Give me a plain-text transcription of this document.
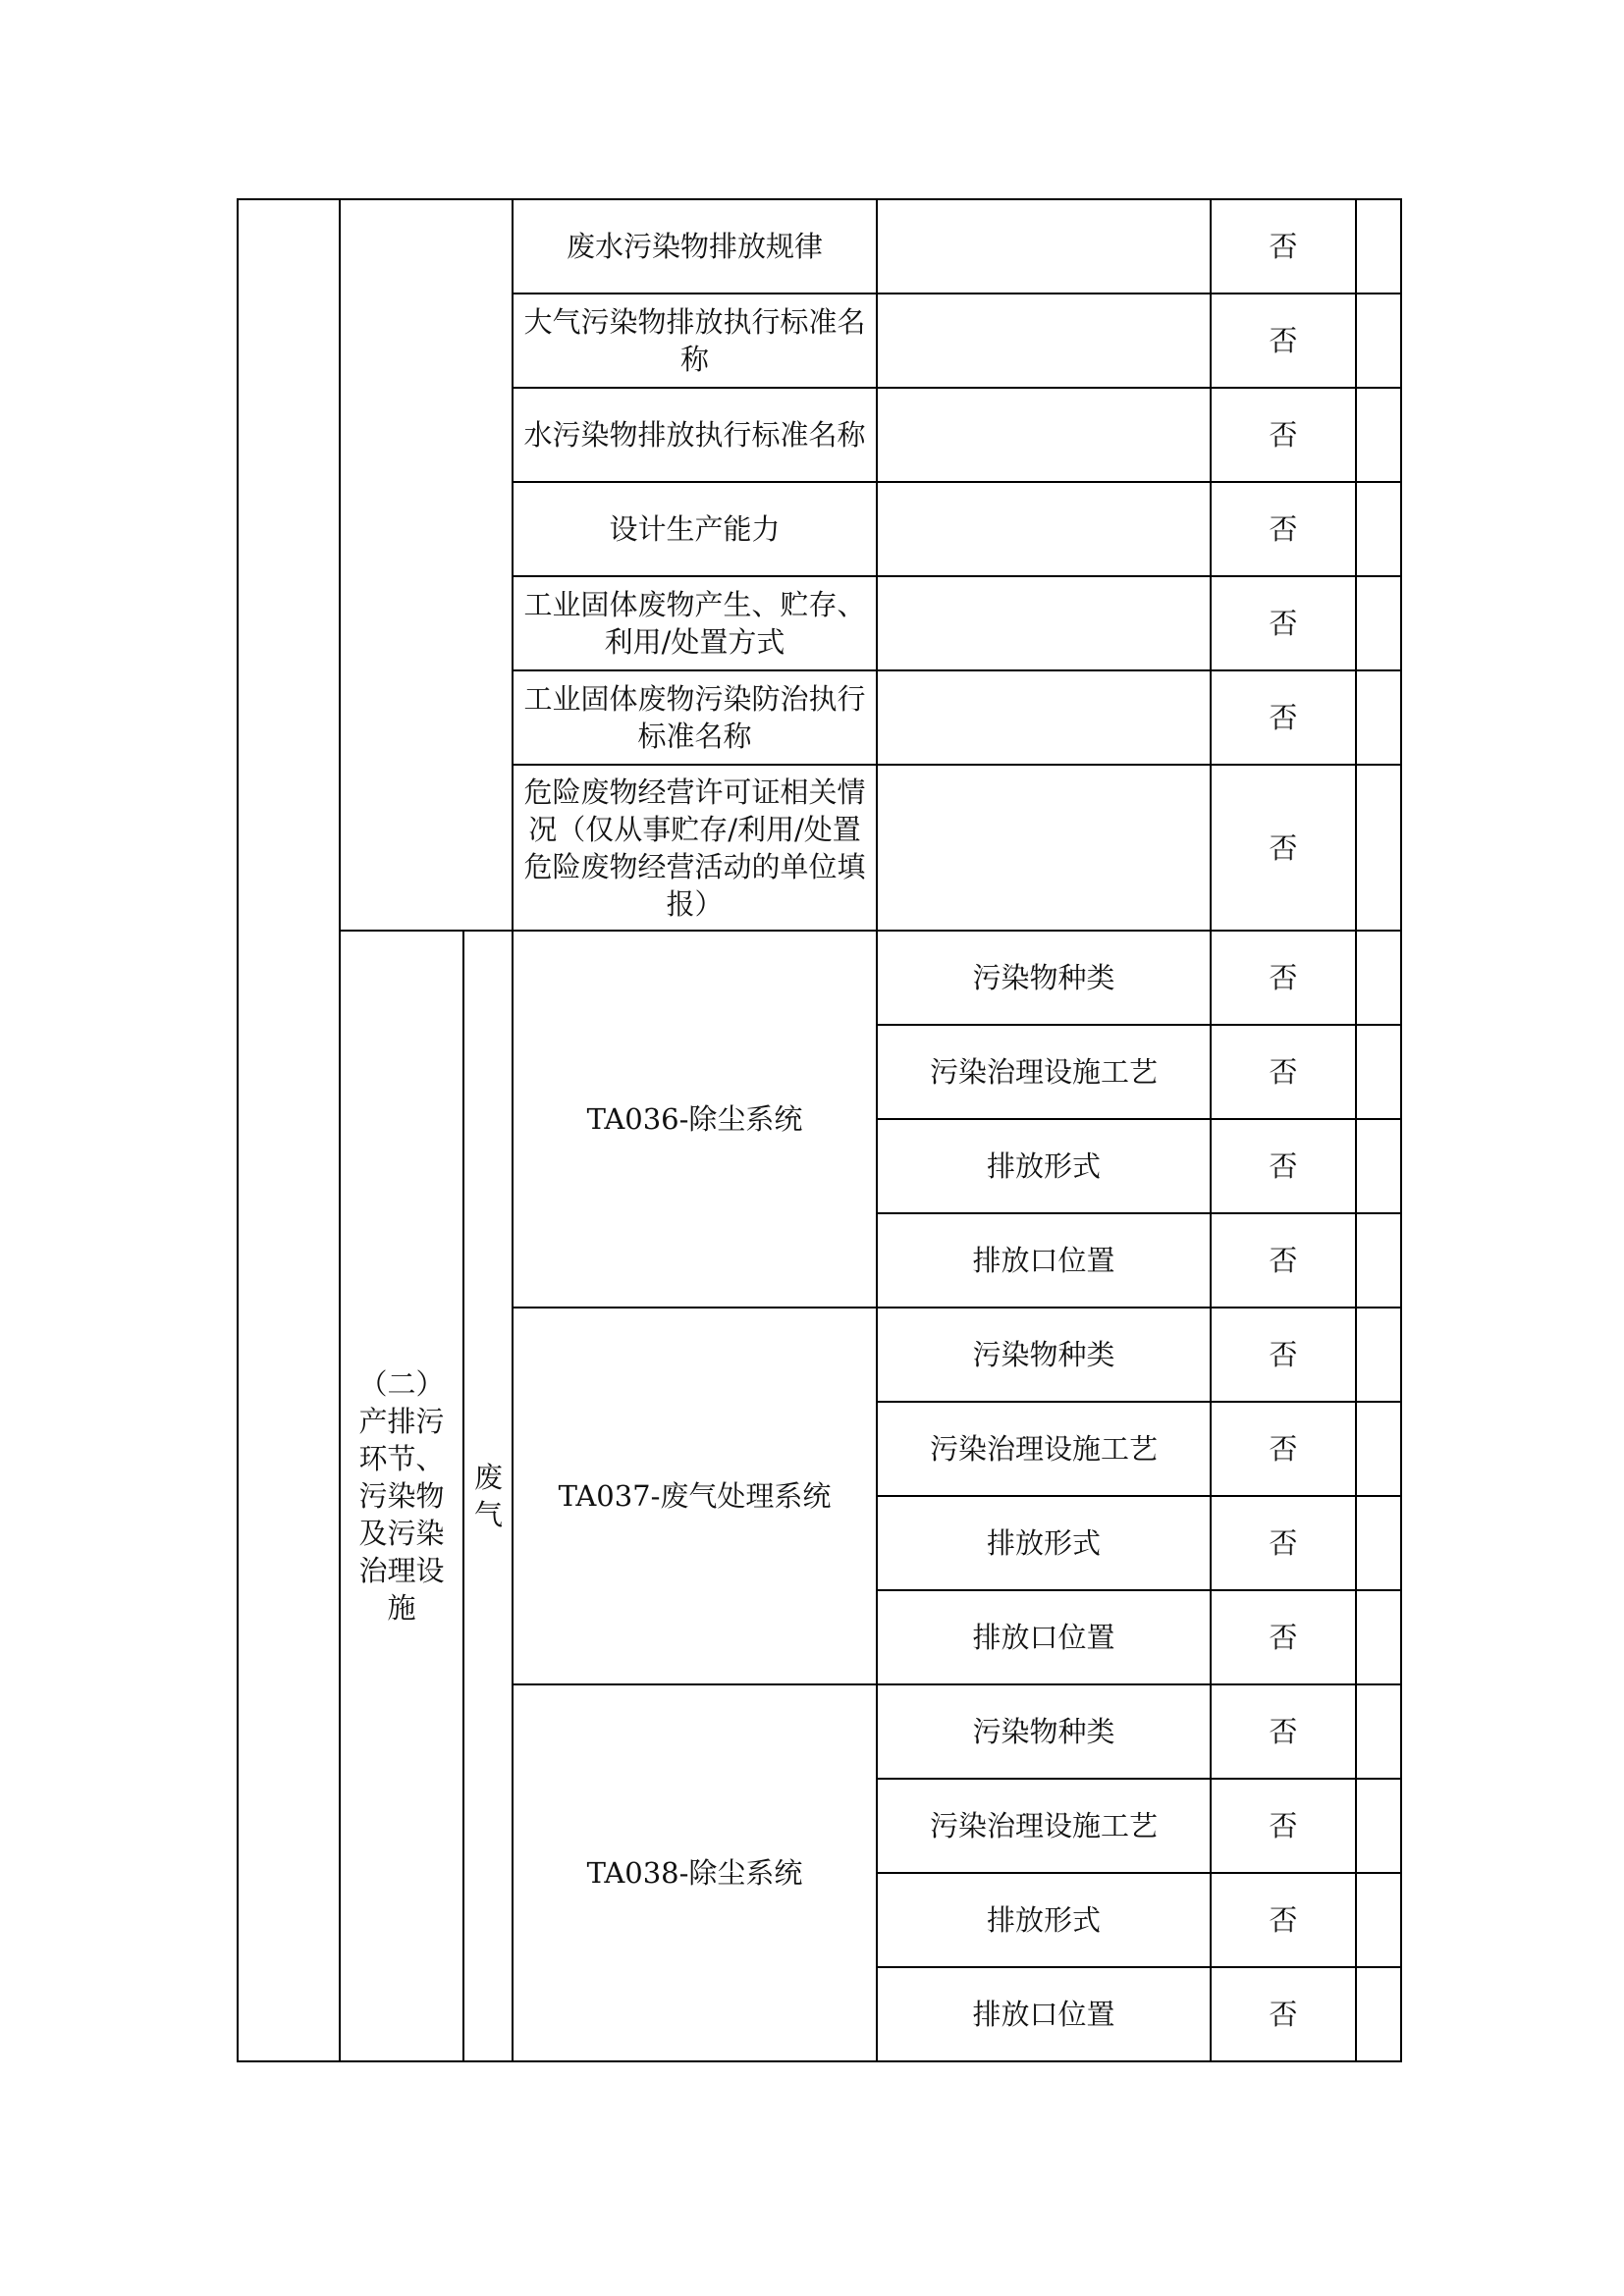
			废水污染物排放规律		否	
			大气污染物排放执行标准名称		否	
			水污染物排放执行标准名称		否	
			设计生产能力		否	
			工业固体废物产生、贮存、利用/处置方式		否	
			工业固体废物污染防治执行标准名称		否	
			危险废物经营许可证相关情况（仅从事贮存/利用/处置危险废物经营活动的单位填报）		否	
	（二）产排污环节、污染物及污染治理设施	废气	TA036-除尘系统	污染物种类	否	
				污染治理设施工艺	否	
				排放形式	否	
				排放口位置	否	
			TA037-废气处理系统	污染物种类	否	
				污染治理设施工艺	否	
				排放形式	否	
				排放口位置	否	
			TA038-除尘系统	污染物种类	否	
				污染治理设施工艺	否	
				排放形式	否	
				排放口位置	否	
